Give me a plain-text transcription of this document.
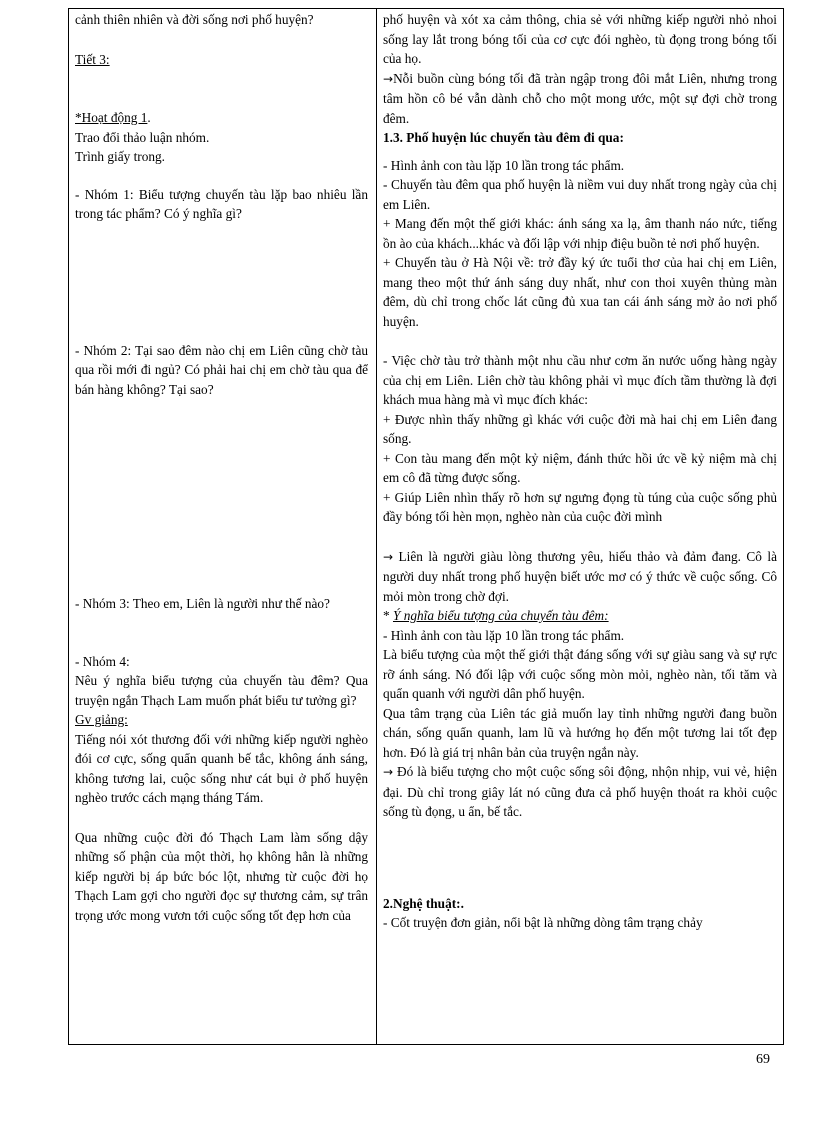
cảnh thiên nhiên và đời sống nơi phố huyện?

Tiết 3:

*Hoạt động 1.

Trao đổi thảo luận nhóm.

Trình giấy trong.

- Nhóm 1: Biểu tượng chuyến tàu lặp bao nhiêu lần trong tác phẩm? Có ý nghĩa gì?

- Nhóm 2: Tại sao đêm nào chị em Liên cũng chờ tàu qua rồi mới đi ngủ? Có phải hai chị em chờ tàu qua để bán hàng không? Tại sao?

- Nhóm 3: Theo em, Liên là người như thế nào?

- Nhóm 4:

Nêu ý nghĩa biểu tượng của chuyến tàu đêm? Qua truyện ngắn Thạch Lam muốn phát biểu tư tưởng gì?

Gv giảng:

Tiếng nói xót thương đối với những kiếp người nghèo đói cơ cực, sống quẩn quanh bế tắc, không ánh sáng, không tương lai, cuộc sống như cát bụi ở phố huyện nghèo trước cách mạng tháng Tám.

Qua những cuộc đời đó Thạch Lam làm sống dậy những số phận của một thời, họ không hẳn là những kiếp người bị áp bức bóc lột, nhưng từ cuộc đời họ Thạch Lam gợi cho người đọc sự thương cảm, sự trân trọng ước mong vươn tới cuộc sống tốt đẹp hơn của

phố huyện và xót xa cảm thông, chia sẻ với những kiếp người nhỏ nhoi sống lay lắt trong bóng tối của cơ cực đói nghèo, tù đọng trong bóng tối của họ.

→Nỗi buồn cùng bóng tối đã tràn ngập trong đôi mắt Liên, nhưng trong tâm hồn cô bé vẫn dành chỗ cho một mong ước, một sự đợi chờ trong đêm.

1.3. Phố huyện lúc chuyến tàu đêm đi qua:

- Hình ảnh con tàu lặp 10 lần trong tác phẩm.

- Chuyến tàu đêm qua phố huyện là niềm vui duy nhất trong ngày của chị em Liên.

+ Mang đến một thế giới khác: ánh sáng xa lạ, âm thanh náo nức, tiếng ồn ào của khách...khác và đối lập với nhịp điệu buồn tẻ nơi phố huyện.

+ Chuyến tàu ở Hà Nội về: trở đầy ký ức tuổi thơ của hai chị em Liên, mang theo một thứ ánh sáng duy nhất, như con thoi xuyên thủng màn đêm, dù chỉ trong chốc lát cũng đủ xua tan cái ánh sáng mờ ảo nơi phố huyện.

- Việc chờ tàu trở thành một nhu cầu như cơm ăn nước uống hàng ngày của chị em Liên. Liên chờ tàu không phải vì mục đích tầm thường là đợi khách mua hàng mà vì mục đích khác:

+ Được nhìn thấy những gì khác với cuộc đời mà hai chị em Liên đang sống.

+ Con tàu mang đến một kỷ niệm, đánh thức hồi ức về kỷ niệm mà chị em cô đã từng được sống.

+ Giúp Liên nhìn thấy rõ hơn sự ngưng đọng tù túng của cuộc sống phủ đầy bóng tối hèn mọn, nghèo nàn của cuộc đời mình

→ Liên là người giàu lòng thương yêu, hiếu thảo và đảm đang. Cô là người duy nhất trong phố huyện biết ước mơ có ý thức về cuộc sống. Cô mỏi mòn trong chờ đợi.

* Ý nghĩa biểu tượng của chuyến tàu đêm:

- Hình ảnh con tàu lặp 10 lần trong tác phẩm.

Là biểu tượng của một thế giới thật đáng sống với sự giàu sang và sự rực rỡ ánh sáng. Nó đối lập với cuộc sống mòn mỏi, nghèo nàn, tối tăm và quẩn quanh với người dân phố huyện.

Qua tâm trạng của Liên tác giả muốn lay tỉnh những người đang buồn chán, sống quẩn quanh, lam lũ và hướng họ đến một tương lai tốt đẹp hơn. Đó là giá trị nhân bản của truyện ngắn này.

→ Đó là biểu tượng cho một cuộc sống sôi động, nhộn nhịp, vui vẻ, hiện đại. Dù chỉ trong giây lát nó cũng đưa cả phố huyện thoát ra khỏi cuộc sống tù đọng, u ẩn, bế tắc.

2.Nghệ thuật:.

- Cốt truyện đơn giản, nổi bật là những dòng tâm trạng chảy

69
